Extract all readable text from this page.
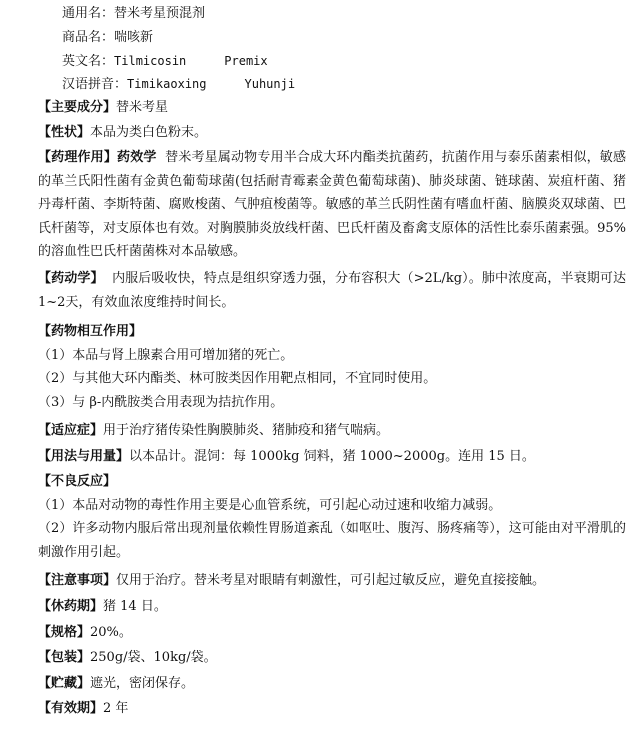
通用名：替米考星预混剂
商品名：喘咳新
英文名：Tilmicosin	Premix
汉语拼音：Timikaoxing	Yuhunji
【主要成分】替米考星
【性状】本品为类白色粉末。
【药理作用】药效学 替米考星属动物专用半合成大环内酯类抗菌药，抗菌作用与泰乐菌素相似，敏感的革兰氏阳性菌有金黄色葡萄球菌(包括耐青霉素金黄色葡萄球菌)、肺炎球菌、链球菌、炭疽杆菌、猪丹毒杆菌、李斯特菌、腐败梭菌、气肿疽梭菌等。敏感的革兰氏阴性菌有嗜血杆菌、脑膜炎双球菌、巴氏杆菌等，对支原体也有效。对胸膜肺炎放线杆菌、巴氏杆菌及畜禽支原体的活性比泰乐菌素强。95%的溶血性巴氏杆菌菌株对本品敏感。
【药动学】 内服后吸收快，特点是组织穿透力强，分布容积大（>2L/kg）。肺中浓度高，半衰期可达1~2天，有效血浓度维持时间长。
【药物相互作用】
（1）本品与肾上腺素合用可增加猪的死亡。
（2）与其他大环内酯类、林可胺类因作用靶点相同，不宜同时使用。
（3）与 β-内酰胺类合用表现为拮抗作用。
【适应症】用于治疗猪传染性胸膜肺炎、猪肺疫和猪气喘病。
【用法与用量】以本品计。混饲：每 1000kg 饲料，猪 1000~2000g。连用 15 日。
【不良反应】
（1）本品对动物的毒性作用主要是心血管系统，可引起心动过速和收缩力减弱。
（2）许多动物内服后常出现剂量依赖性胃肠道紊乱（如呕吐、腹泻、肠疼痛等），这可能由对平滑肌的刺激作用引起。
【注意事项】仅用于治疗。替米考星对眼睛有刺激性，可引起过敏反应，避免直接接触。
【休药期】猪 14 日。
【规格】20%。
【包装】250g/袋、10kg/袋。
【贮藏】遮光，密闭保存。
【有效期】2 年
